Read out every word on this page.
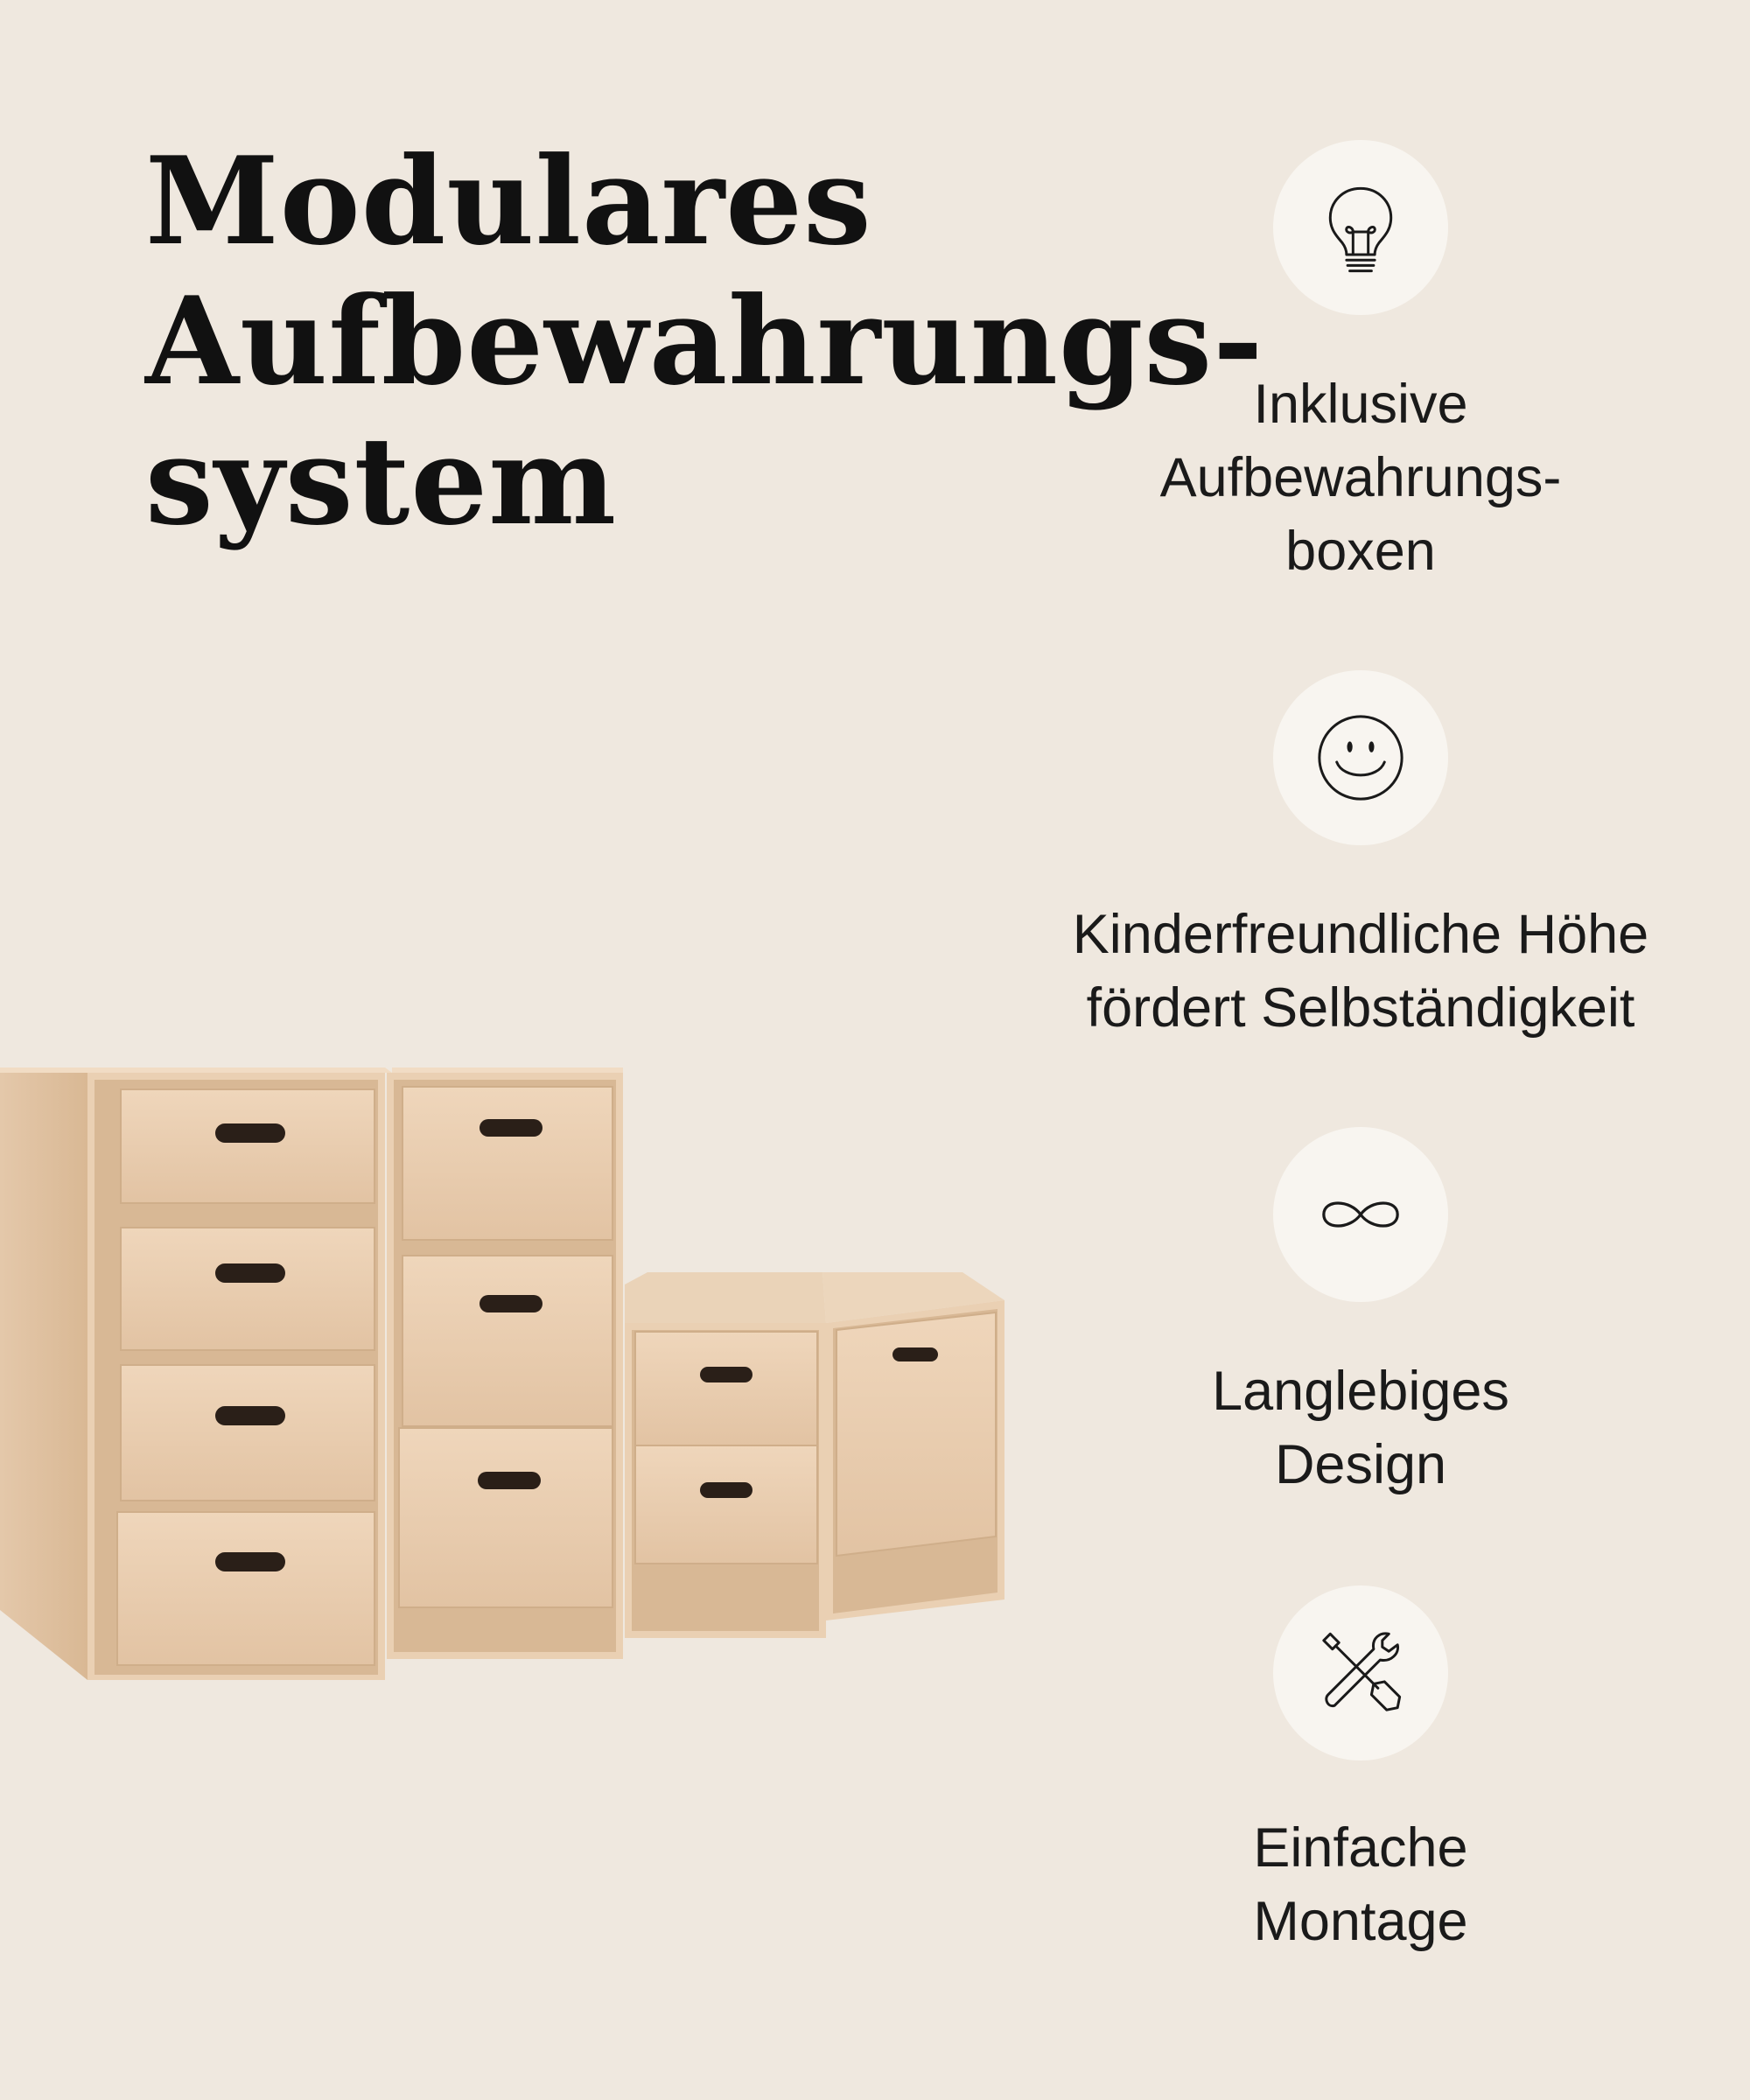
Modulares
Aufbewahrungs-
system
Inklusive
Aufbewahrungs-
boxen
Kinderfreundliche Höhe
fördert Selbständigkeit
Langlebiges
Design
Einfache
Montage
